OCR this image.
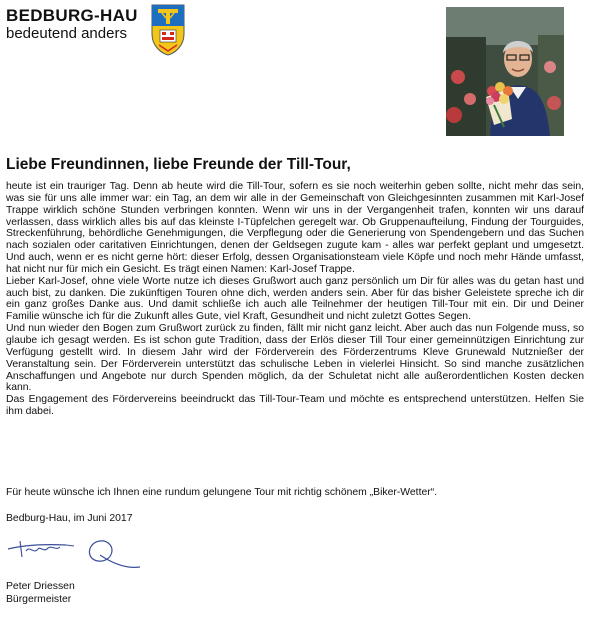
BEDBURG-HAU
bedeutend anders
Liebe Freundinnen, liebe Freunde der Till-Tour,

heute ist ein trauriger Tag. Denn ab heute wird die Till-Tour, sofern es sie noch weiterhin geben sollte, nicht mehr das sein, was sie für uns alle immer war: ein Tag, an dem wir alle in der Gemeinschaft von Gleichgesinnten zusammen mit Karl-Josef Trappe wirklich schöne Stunden verbringen konnten. Wenn wir uns in der Vergangenheit trafen, konnten wir uns darauf verlassen, dass wirklich alles bis auf das kleinste I-Tüpfelchen geregelt war. Ob Gruppenaufteilung, Findung der Tourguides, Streckenführung, behördliche Genehmigungen, die Verpflegung oder die Generierung von Spendengebern und das Suchen nach sozialen oder caritativen Einrichtungen, denen der Geldsegen zugute kam - alles war perfekt geplant und umgesetzt. Und auch, wenn er es nicht gerne hört: dieser Erfolg, dessen Organisationsteam viele Köpfe und noch mehr Hände umfasst, hat nicht nur für mich ein Gesicht. Es trägt einen Namen: Karl-Josef Trappe.

Lieber Karl-Josef, ohne viele Worte nutze ich dieses Grußwort auch ganz persönlich um Dir für alles was du getan hast und auch bist, zu danken. Die zukünftigen Touren ohne dich, werden anders sein. Aber für das bisher Geleistete spreche ich dir ein ganz großes Danke aus. Und damit schließe ich auch alle Teilnehmer der heutigen Till-Tour mit ein. Dir und Deiner Familie wünsche ich für die Zukunft alles Gute, viel Kraft, Gesundheit und nicht zuletzt Gottes Segen.

Und nun wieder den Bogen zum Grußwort zurück zu finden, fällt mir nicht ganz leicht. Aber auch das nun Folgende muss, so glaube ich gesagt werden. Es ist schon gute Tradition, dass der Erlös dieser Till Tour einer gemeinnützigen Einrichtung zur Verfügung gestellt wird. In diesem Jahr wird der Förderverein des Förderzentrums Kleve Grunewald Nutznießer der Veranstaltung sein. Der Förderverein unterstützt das schulische Leben in vielerlei Hinsicht. So sind manche zusätzlichen Anschaffungen und Angebote nur durch Spenden möglich, da der Schuletat nicht alle außerordentlichen Kosten decken kann.

Das Engagement des Fördervereins beeindruckt das Till-Tour-Team und möchte es entsprechend unterstützen. Helfen Sie ihm dabei.

Für heute wünsche ich Ihnen eine rundum gelungene Tour mit richtig schönem „Biker-Wetter“.
Bedburg-Hau, im Juni 2017
Peter Driessen
Bürgermeister
